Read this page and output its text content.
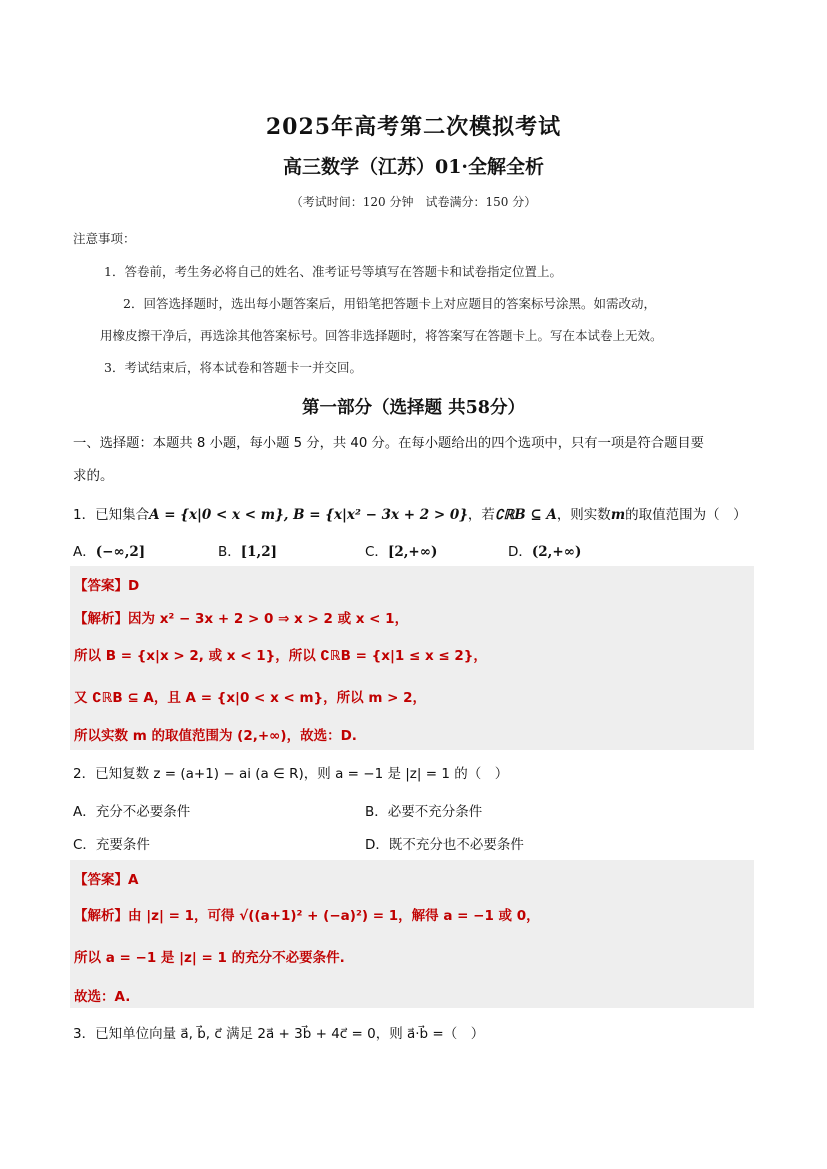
2025年高考第二次模拟考试
高三数学（江苏）01·全解全析
（考试时间：120 分钟　试卷满分：150 分）
注意事项：
1．答卷前，考生务必将自己的姓名、准考证号等填写在答题卡和试卷指定位置上。
2．回答选择题时，选出每小题答案后，用铅笔把答题卡上对应题目的答案标号涂黑。如需改动，
用橡皮擦干净后，再选涂其他答案标号。回答非选择题时，将答案写在答题卡上。写在本试卷上无效。
3．考试结束后，将本试卷和答题卡一并交回。
第一部分（选择题 共58分）
一、选择题：本题共 8 小题，每小题 5 分，共 40 分。在每小题给出的四个选项中，只有一项是符合题目要
求的。
1．已知集合A = {x|0 < x < m}, B = {x|x² − 3x + 2 > 0}，若∁ℝB ⊆ A，则实数m的取值范围为（　）
A．(−∞,2]	B．[1,2]	C．[2,+∞)	D．(2,+∞)
【答案】D
【解析】因为 x² − 3x + 2 > 0 ⇒ x > 2 或 x < 1，
所以 B = {x|x > 2, 或 x < 1}，所以 ∁ℝB = {x|1 ≤ x ≤ 2}，
又 ∁ℝB ⊆ A，且 A = {x|0 < x < m}，所以 m > 2，
所以实数 m 的取值范围为 (2,+∞)，故选：D.
2．已知复数 z = (a+1) − ai (a ∈ R)，则 a = −1 是 |z| = 1 的（　）
A．充分不必要条件	B．必要不充分条件
C．充要条件	D．既不充分也不必要条件
【答案】A
【解析】由 |z| = 1，可得 √((a+1)² + (−a)²) = 1，解得 a = −1 或 0，
所以 a = −1 是 |z| = 1 的充分不必要条件.
故选：A.
3．已知单位向量 a⃗, b⃗, c⃗ 满足 2a⃗ + 3b⃗ + 4c⃗ = 0，则 a⃗·b⃗ =（　）
